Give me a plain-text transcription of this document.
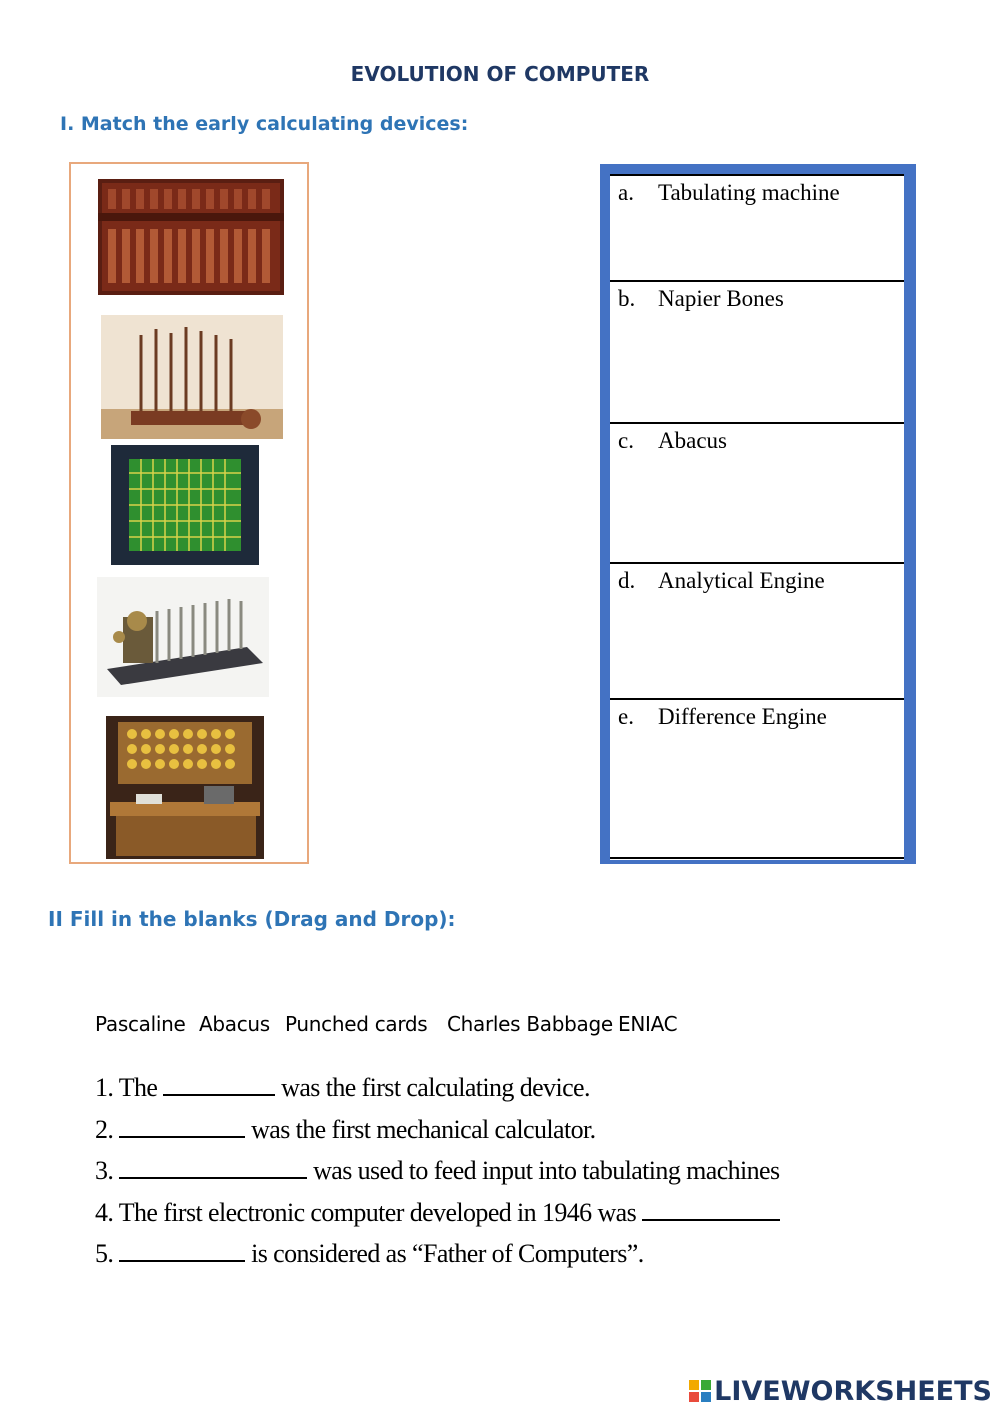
EVOLUTION OF COMPUTER
I. Match the early calculating devices:
a. Tabulating machine
b. Napier Bones
c. Abacus
d. Analytical Engine
e. Difference Engine
II Fill in the blanks (Drag and Drop):
Pascaline Abacus Punched cards Charles Babbage ENIAC
1. The	was the first calculating device.
2.	was the first mechanical calculator.
3.	was used to feed input into tabulating machines
4. The first electronic computer developed in 1946 was
5.	is considered as “Father of Computers”.
LIVEWORKSHEETS
